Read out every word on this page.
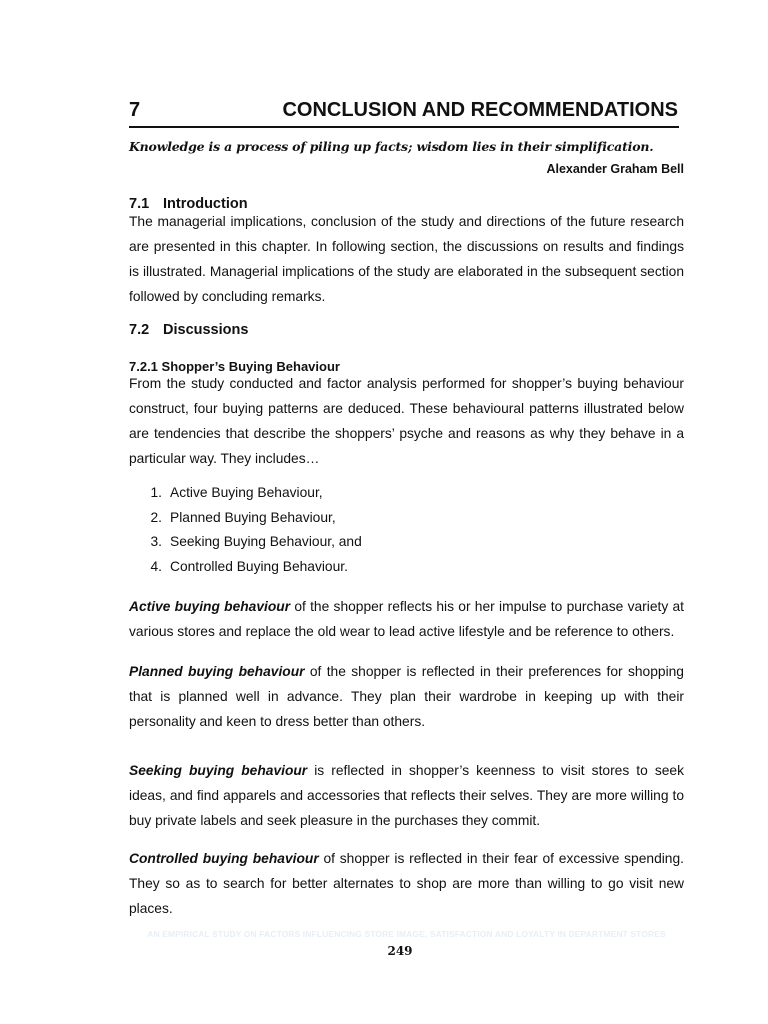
7	CONCLUSION AND RECOMMENDATIONS
Knowledge is a process of piling up facts; wisdom lies in their simplification.
Alexander Graham Bell
7.1 Introduction

The managerial implications, conclusion of the study and directions of the future research are presented in this chapter. In following section, the discussions on results and findings is illustrated. Managerial implications of the study are elaborated in the subsequent section followed by concluding remarks.

7.2 Discussions
7.2.1 Shopper’s Buying Behaviour

From the study conducted and factor analysis performed for shopper’s buying behaviour construct, four buying patterns are deduced. These behavioural patterns illustrated below are tendencies that describe the shoppers’ psyche and reasons as why they behave in a particular way. They includes…

1. Active Buying Behaviour,
2. Planned Buying Behaviour,
3. Seeking Buying Behaviour, and
4. Controlled Buying Behaviour.

Active buying behaviour of the shopper reflects his or her impulse to purchase variety at various stores and replace the old wear to lead active lifestyle and be reference to others.

Planned buying behaviour of the shopper is reflected in their preferences for shopping that is planned well in advance. They plan their wardrobe in keeping up with their personality and keen to dress better than others.

Seeking buying behaviour is reflected in shopper’s keenness to visit stores to seek ideas, and find apparels and accessories that reflects their selves. They are more willing to buy private labels and seek pleasure in the purchases they commit.

Controlled buying behaviour of shopper is reflected in their fear of excessive spending. They so as to search for better alternates to shop are more than willing to go visit new places.

AN EMPIRICAL STUDY ON FACTORS INFLUENCING STORE IMAGE, SATISFACTION AND LOYALTY IN DEPARTMENT STORES
249
